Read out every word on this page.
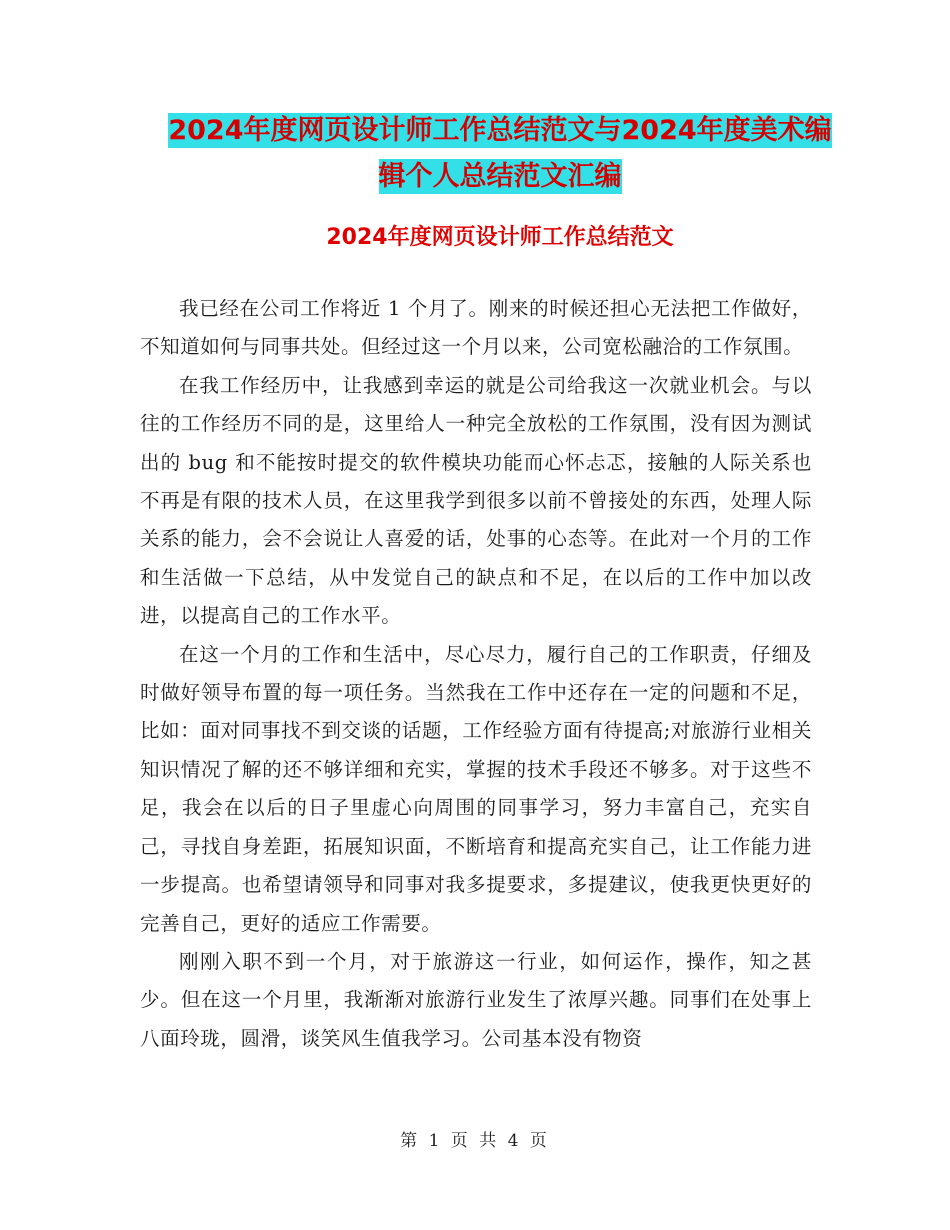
2024年度网页设计师工作总结范文与2024年度美术编
辑个人总结范文汇编
2024年度网页设计师工作总结范文

我已经在公司工作将近 1 个月了。刚来的时候还担心无法把工作做好，不知道如何与同事共处。但经过这一个月以来，公司宽松融洽的工作氛围。

在我工作经历中，让我感到幸运的就是公司给我这一次就业机会。与以往的工作经历不同的是，这里给人一种完全放松的工作氛围，没有因为测试出的 bug 和不能按时提交的软件模块功能而心怀忐忑，接触的人际关系也不再是有限的技术人员，在这里我学到很多以前不曾接处的东西，处理人际关系的能力，会不会说让人喜爱的话，处事的心态等。在此对一个月的工作和生活做一下总结，从中发觉自己的缺点和不足，在以后的工作中加以改进，以提高自己的工作水平。

在这一个月的工作和生活中，尽心尽力，履行自己的工作职责，仔细及时做好领导布置的每一项任务。当然我在工作中还存在一定的问题和不足，比如：面对同事找不到交谈的话题，工作经验方面有待提高;对旅游行业相关知识情况了解的还不够详细和充实，掌握的技术手段还不够多。对于这些不足，我会在以后的日子里虚心向周围的同事学习，努力丰富自己，充实自己，寻找自身差距，拓展知识面，不断培育和提高充实自己，让工作能力进一步提高。也希望请领导和同事对我多提要求，多提建议，使我更快更好的完善自己，更好的适应工作需要。

刚刚入职不到一个月，对于旅游这一行业，如何运作，操作，知之甚少。但在这一个月里，我渐渐对旅游行业发生了浓厚兴趣。同事们在处事上八面玲珑，圆滑，谈笑风生值我学习。公司基本没有物资

第 1 页 共 4 页
